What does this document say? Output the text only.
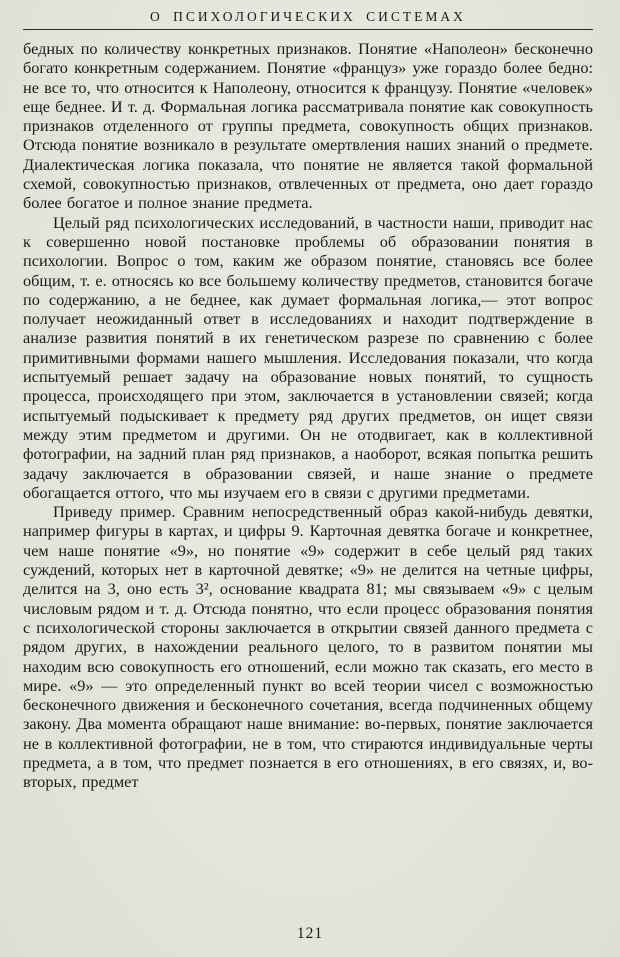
О ПСИХОЛОГИЧЕСКИХ СИСТЕМАХ

бедных по количеству конкретных признаков. Понятие «Наполеон» бесконечно богато конкретным содержанием. Понятие «француз» уже гораздо более бедно: не все то, что относится к Наполеону, относится к французу. Понятие «человек» еще беднее. И т. д. Формальная логика рассматривала понятие как совокупность признаков отделенного от группы предмета, совокупность общих признаков. Отсюда понятие возникало в результате омертвления наших знаний о предмете. Диалектическая логика показала, что понятие не является такой формальной схемой, совокупностью признаков, отвлеченных от предмета, оно дает гораздо более богатое и полное знание предмета.

Целый ряд психологических исследований, в частности наши, приводит нас к совершенно новой постановке проблемы об образовании понятия в психологии. Вопрос о том, каким же образом понятие, становясь все более общим, т. е. относясь ко все большему количеству предметов, становится богаче по содержанию, а не беднее, как думает формальная логика,— этот вопрос получает неожиданный ответ в исследованиях и находит подтверждение в анализе развития понятий в их генетическом разрезе по сравнению с более примитивными формами нашего мышления. Исследования показали, что когда испытуемый решает задачу на образование новых понятий, то сущность процесса, происходящего при этом, заключается в установлении связей; когда испытуемый подыскивает к предмету ряд других предметов, он ищет связи между этим предметом и другими. Он не отодвигает, как в коллективной фотографии, на задний план ряд признаков, а наоборот, всякая попытка решить задачу заключается в образовании связей, и наше знание о предмете обогащается оттого, что мы изучаем его в связи с другими предметами.

Приведу пример. Сравним непосредственный образ какой-нибудь девятки, например фигуры в картах, и цифры 9. Карточная девятка богаче и конкретнее, чем наше понятие «9», но понятие «9» содержит в себе целый ряд таких суждений, которых нет в карточной девятке; «9» не делится на четные цифры, делится на 3, оно есть 3², основание квадрата 81; мы связываем «9» с целым числовым рядом и т. д. Отсюда понятно, что если процесс образования понятия с психологической стороны заключается в открытии связей данного предмета с рядом других, в нахождении реального целого, то в развитом понятии мы находим всю совокупность его отношений, если можно так сказать, его место в мире. «9» — это определенный пункт во всей теории чисел с возможностью бесконечного движения и бесконечного сочетания, всегда подчиненных общему закону. Два момента обращают наше внимание: во-первых, понятие заключается не в коллективной фотографии, не в том, что стираются индивидуальные черты предмета, а в том, что предмет познается в его отношениях, в его связях, и, во-вторых, предмет

121
